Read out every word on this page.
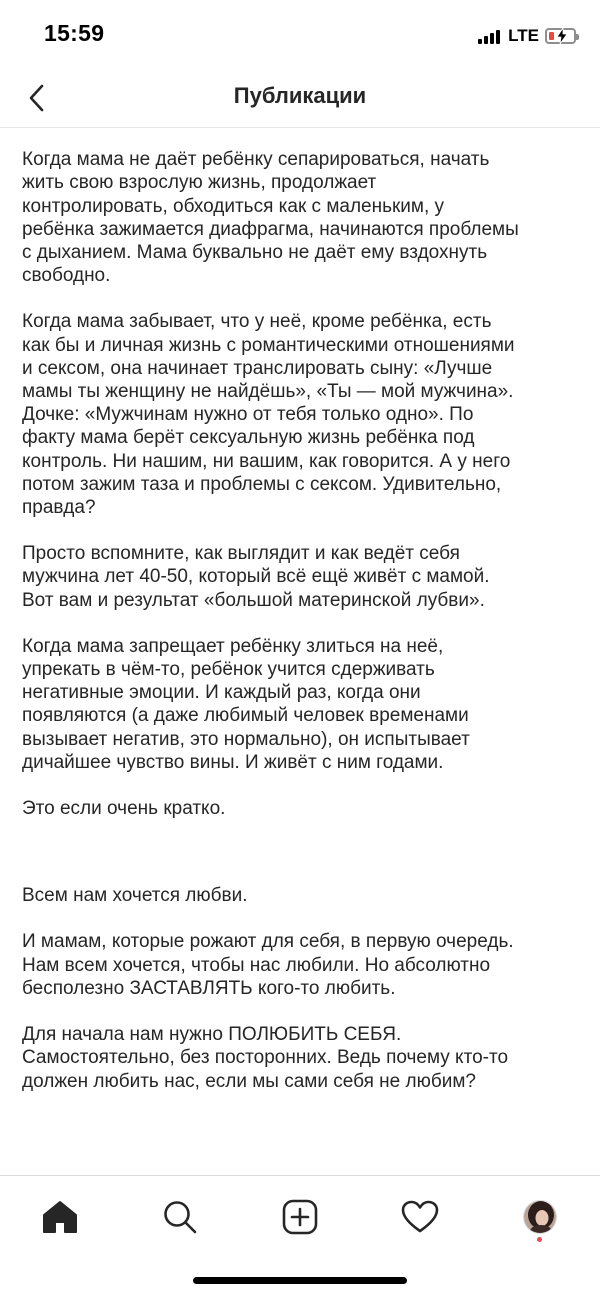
15:59	LTE
Публикации

Когда мама не даёт ребёнку сепарироваться, начать
жить свою взрослую жизнь, продолжает
контролировать, обходиться как с маленьким, у
ребёнка зажимается диафрагма, начинаются проблемы
с дыханием. Мама буквально не даёт ему вздохнуть
свободно.

Когда мама забывает, что у неё, кроме ребёнка, есть
как бы и личная жизнь с романтическими отношениями
и сексом, она начинает транслировать сыну: «Лучше
мамы ты женщину не найдёшь», «Ты — мой мужчина».
Дочке: «Мужчинам нужно от тебя только одно». По
факту мама берёт сексуальную жизнь ребёнка под
контроль. Ни нашим, ни вашим, как говорится. А у него
потом зажим таза и проблемы с сексом. Удивительно,
правда?

Просто вспомните, как выглядит и как ведёт себя
мужчина лет 40-50, который всё ещё живёт с мамой.
Вот вам и результат «большой материнской лубви».

Когда мама запрещает ребёнку злиться на неё,
упрекать в чём-то, ребёнок учится сдерживать
негативные эмоции. И каждый раз, когда они
появляются (а даже любимый человек временами
вызывает негатив, это нормально), он испытывает
дичайшее чувство вины. И живёт с ним годами.

Это если очень кратко.

Всем нам хочется любви.

И мамам, которые рожают для себя, в первую очередь.
Нам всем хочется, чтобы нас любили. Но абсолютно
бесполезно ЗАСТАВЛЯТЬ кого-то любить.

Для начала нам нужно ПОЛЮБИТЬ СЕБЯ.
Самостоятельно, без посторонних. Ведь почему кто-то
должен любить нас, если мы сами себя не любим?
